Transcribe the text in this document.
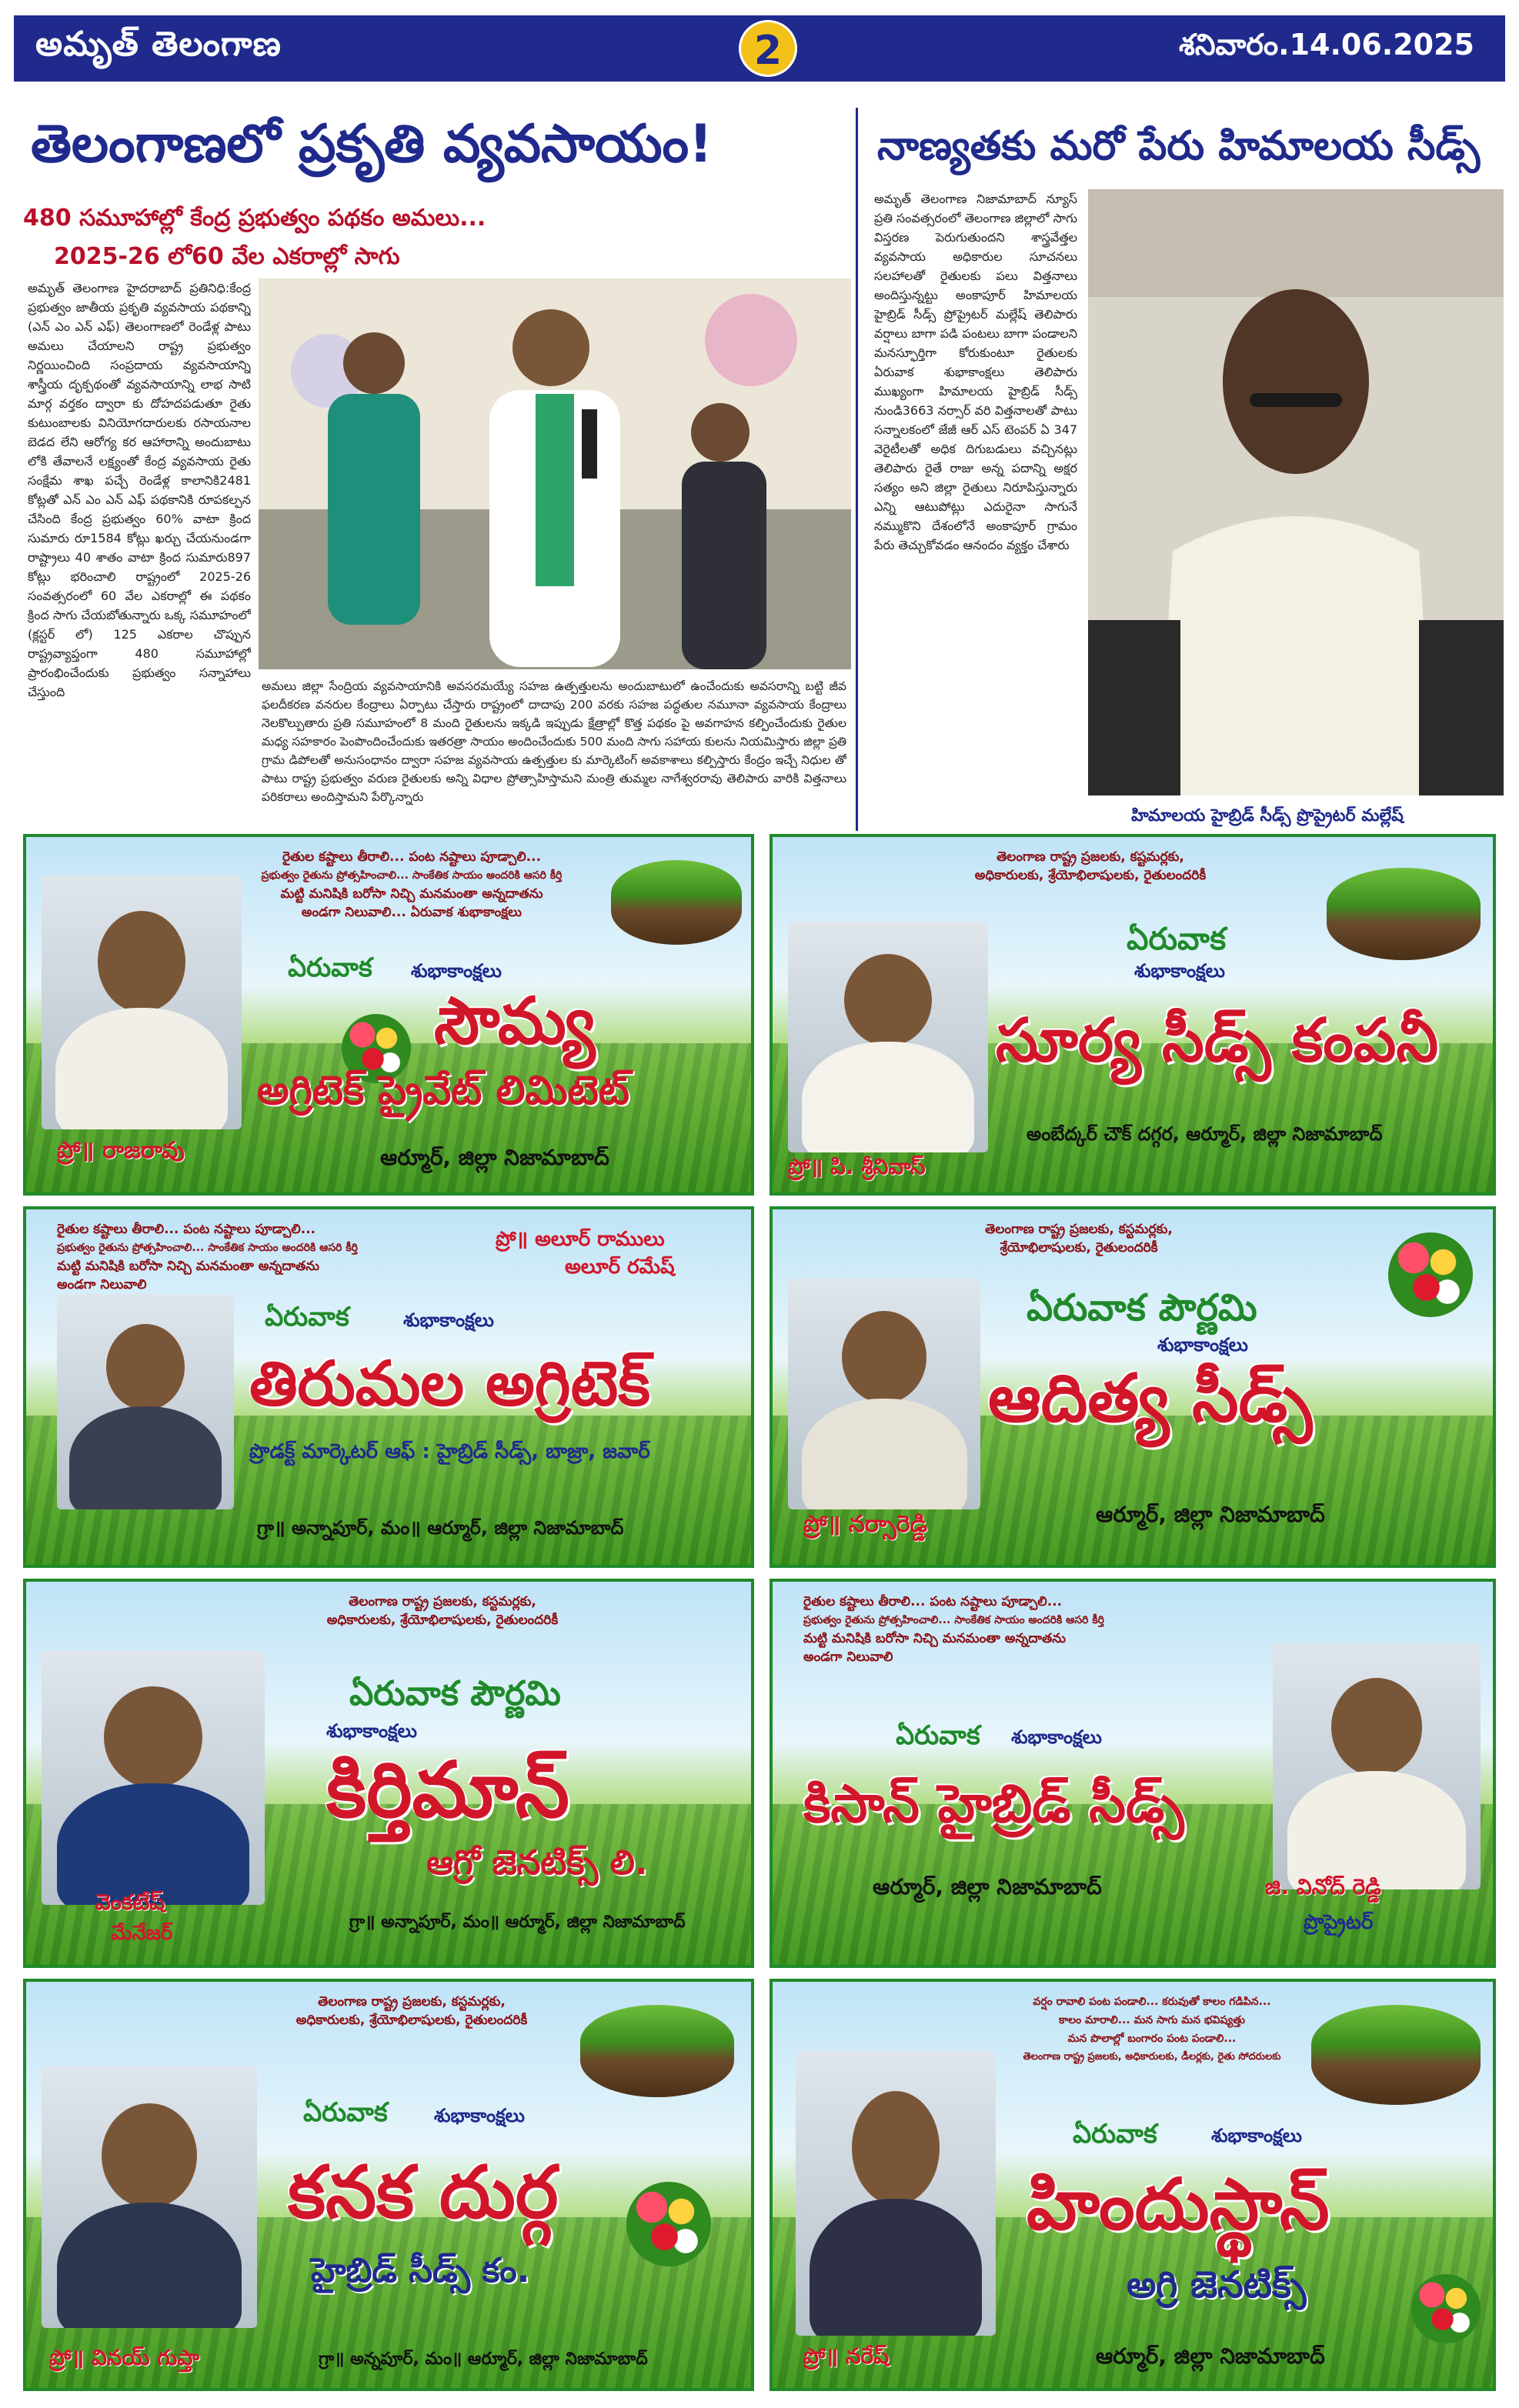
అమృత్ తెలంగాణ	2	శనివారం.14.06.2025
తెలంగాణలో ప్రకృతి వ్యవసాయం!	నాణ్యతకు మరో పేరు హిమాలయ సీడ్స్
480 సమూహాల్లో కేంద్ర ప్రభుత్వం పథకం అమలు...
2025-26 లో60 వేల ఎకరాల్లో సాగు

అమృత్ తెలంగాణ హైదరాబాద్ ప్రతినిధి:కేంద్ర ప్రభుత్వం జాతీయ ప్రకృతి వ్యవసాయ పథకాన్ని (ఎన్ ఎం ఎన్ ఎఫ్) తెలంగాణలో రెండేళ్ల పాటు అమలు చేయాలని రాష్ట్ర ప్రభుత్వం నిర్ణయించింది సంప్రదాయ వ్యవసాయాన్ని శాస్త్రీయ దృక్పథంతో వ్యవసాయాన్ని లాభ సాటి మార్గ వర్తకం ద్వారా కు దోహదపడుతూ రైతు కుటుంబాలకు వినియోగదారులకు రసాయనాల బెడద లేని ఆరోగ్య కర ఆహారాన్ని అందుబాటు లోకి తేవాలనే లక్ష్యంతో కేంద్ర వ్యవసాయ రైతు సంక్షేమ శాఖ పచ్చే రెండేళ్ల కాలానికి2481 కోట్లతో ఎన్ ఎం ఎన్ ఎఫ్ పథకానికి రూపకల్పన చేసింది కేంద్ర ప్రభుత్వం 60% వాటా క్రింద సుమారు రూ1584 కోట్లు ఖర్చు చేయనుండగా రాష్ట్రాలు 40 శాతం వాటా క్రింద సుమారు897 కోట్లు భరించాలి రాష్ట్రంలో 2025-26 సంవత్సరంలో 60 వేల ఎకరాల్లో ఈ పథకం క్రింద సాగు చేయబోతున్నారు ఒక్క సమూహంలో (క్లస్టర్ లో) 125 ఎకరాల చొప్పున రాష్ట్రవ్యాప్తంగా 480 సమూహాల్లో ప్రారంభించేందుకు ప్రభుత్వం సన్నాహాలు చేస్తుంది	అమలు జిల్లా సేంద్రియ వ్యవసాయానికి అవసరమయ్యే సహజ ఉత్పత్తులను అందుబాటులో ఉంచేందుకు అవసరాన్ని బట్టి జీవ ఫలదీకరణ వనరుల కేంద్రాలు ఏర్పాటు చేస్తారు రాష్ట్రంలో దాదాపు 200 వరకు సహజ పద్ధతుల నమూనా వ్యవసాయ కేంద్రాలు నెలకొల్పుతారు ప్రతి సమూహంలో 8 మంది రైతులను ఇక్కడి ఇప్పుడు క్షేత్రాల్లో కొత్త పథకం పై అవగాహన కల్పించేందుకు రైతుల మధ్య సహకారం పెంపొందించేందుకు ఇతరత్రా సాయం అందించేందుకు 500 మంది సాగు సహాయ కులను నియమిస్తారు జిల్లా ప్రతి గ్రామ డిపోలతో అనుసంధానం ద్వారా సహజ వ్యవసాయ ఉత్పత్తుల కు మార్కెటింగ్ అవకాశాలు కల్పిస్తారు కేంద్రం ఇచ్చే నిధుల తో పాటు రాష్ట్ర ప్రభుత్వం వరుణ రైతులకు అన్ని విధాల ప్రోత్సాహిస్తామని మంత్రి తుమ్మల నాగేశ్వరరావు తెలిపారు వారికి విత్తనాలు పరికరాలు అందిస్తామని పేర్కొన్నారు

అమృత్ తెలంగాణ నిజామాబాద్ న్యూస్ ప్రతి సంవత్సరంలో తెలంగాణ జిల్లాలో సాగు విస్తరణ పెరుగుతుందని శాస్త్రవేత్తల వ్యవసాయ అధికారుల సూచనలు సలహాలతో రైతులకు పలు విత్తనాలు అందిస్తున్నట్టు అంకాపూర్ హిమాలయ హైబ్రిడ్ సీడ్స్ ప్రోప్రైటర్ మల్లేష్ తెలిపారు వర్షాలు బాగా పడి పంటలు బాగా పండాలని మనస్ఫూర్తిగా కోరుకుంటూ రైతులకు ఏరువాక శుభాకాంక్షలు తెలిపారు ముఖ్యంగా హిమాలయ హైబ్రిడ్ సీడ్స్ నుండి3663 నర్సార్ వరి విత్తనాలతో పాటు సన్నాలకంలో జేజీ ఆర్ ఎస్ టెంపర్ ఏ 347 వెరైటీలతో అధిక దిగుబడులు వచ్చినట్లు తెలిపారు రైతే రాజు అన్న పదాన్ని అక్షర సత్యం అని జిల్లా రైతులు నిరూపిస్తున్నారు ఎన్ని ఆటుపోట్లు ఎదురైనా సాగునే నమ్ముకొని దేశంలోనే అంకాపూర్ గ్రామం పేరు తెచ్చుకోవడం ఆనందం వ్యక్తం చేశారు

హిమాలయ హైబ్రిడ్ సీడ్స్ ప్రొప్రైటర్ మల్లేష్
రైతుల కష్టాలు తీరాలి... పంట నష్టాలు పూడ్చాలి...
ప్రభుత్వం రైతును ప్రోత్సహించాలి... సాంకేతిక సాయం అందరికి ఆసరి కీర్తి
మట్టి మనిషికి బరోసా నిచ్చి మనమంతా అన్నదాతను
అండగా నిలువాలి... ఏరువాక శుభాకాంక్షలు
ఏరువాక శుభాకాంక్షలు
సౌమ్య
అగ్రిటెక్ ప్రైవేట్ లిమిటెట్
ప్రో॥ రాజరావు	ఆర్మూర్, జిల్లా నిజామాబాద్
తెలంగాణ రాష్ట్ర ప్రజలకు, కష్టమర్లకు,
అధికారులకు, శ్రేయోభిలాషులకు, రైతులందరికీ
ఏరువాక
శుభాకాంక్షలు
సూర్య సీడ్స్ కంపనీ
ప్రో॥ పి. శ్రీనివాస్
అంబేద్కర్ చౌక్ దగ్గర, ఆర్మూర్, జిల్లా నిజామాబాద్
రైతుల కష్టాలు తీరాలి... పంట నష్టాలు పూడ్చాలి...
ప్రభుత్వం రైతును ప్రోత్సహించాలి... సాంకేతిక సాయం అందరికి ఆసరి కీర్తి
మట్టి మనిషికి బరోసా నిచ్చి మనమంతా అన్నదాతను
అండగా నిలువాలి
ప్రో॥ అలూర్ రాములు
అలూర్ రమేష్
ఏరువాక	శుభాకాంక్షలు
తిరుమల అగ్రిటెక్
ప్రొడక్ట్ మార్కెటర్ ఆఫ్ : హైబ్రిడ్ సీడ్స్, బాజ్రా, జవార్
గ్రా॥ అన్నాపూర్, మం॥ ఆర్మూర్, జిల్లా నిజామాబాద్
తెలంగాణ రాష్ట్ర ప్రజలకు, కస్టమర్లకు,
శ్రేయోభిలాషులకు, రైతులందరికీ
ఏరువాక పౌర్ణమి
శుభాకాంక్షలు
ఆదిత్య సీడ్స్
ప్రో॥ నర్సారెడ్డి	ఆర్మూర్, జిల్లా నిజామాబాద్
తెలంగాణ రాష్ట్ర ప్రజలకు, కస్టమర్లకు,
అధికారులకు, శ్రేయోభిలాషులకు, రైతులందరికీ
ఏరువాక పౌర్ణమి
శుభాకాంక్షలు
కిర్తిమాన్
ఆగ్రో జెనటిక్స్ లి.
వెంకటేష్
మేనేజర్	గ్రా॥ అన్నాపూర్, మం॥ ఆర్మూర్, జిల్లా నిజామాబాద్
రైతుల కష్టాలు తీరాలి... పంట నష్టాలు పూడ్చాలి...
ప్రభుత్వం రైతును ప్రోత్సహించాలి... సాంకేతిక సాయం అందరికి ఆసరి కీర్తి
మట్టి మనిషికి బరోసా నిచ్చి మనమంతా అన్నదాతను
అండగా నిలువాలి
ఏరువాక శుభాకాంక్షలు
కిసాన్ హైబ్రిడ్ సీడ్స్
ఆర్మూర్, జిల్లా నిజామాబాద్	జి. వినోద్ రెడ్డి
ప్రొప్రైటర్
తెలంగాణ రాష్ట్ర ప్రజలకు, కస్టమర్లకు,
అధికారులకు, శ్రేయోభిలాషులకు, రైతులందరికీ
ఏరువాక	శుభాకాంక్షలు
కనక దుర్గ
హైబ్రిడ్ సీడ్స్ కం.
ప్రో॥ వినయ్ గుప్తా	గ్రా॥ అన్నపూర్, మం॥ ఆర్మూర్, జిల్లా నిజామాబాద్
వర్షం రావాలి పంట పండాలి... కరువుతో కాలం గడిపిన...
కాలం మారాలి... మన సాగు మన భవిష్యత్తు
మన పొలాల్లో బంగారం పంట పండాలి...
తెలంగాణ రాష్ట్ర ప్రజలకు, అధికారులకు, డీలర్లకు, రైతు సోదరులకు
ఏరువాక	శుభాకాంక్షలు
హిందుస్థాన్
అగ్రి జెనటిక్స్
ప్రో॥ నరేష్	ఆర్మూర్, జిల్లా నిజామాబాద్
